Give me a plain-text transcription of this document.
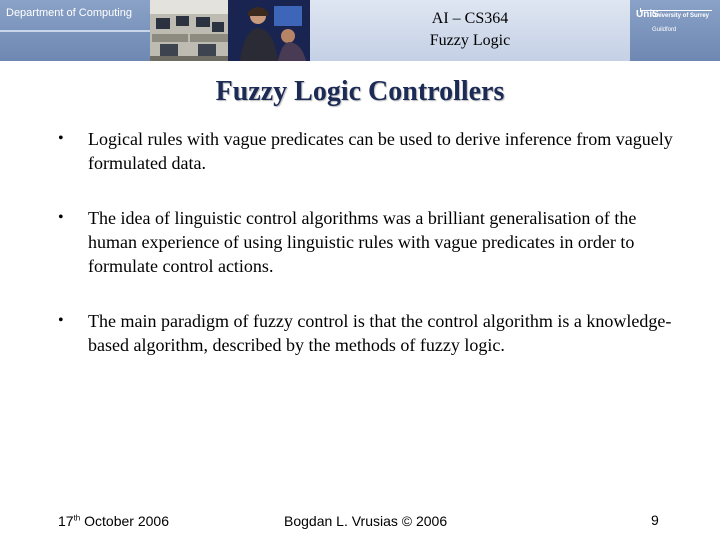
Department of Computing	AI – CS364
Fuzzy Logic
UniS
University of Surrey
Guildford
Fuzzy Logic Controllers
• Logical rules with vague predicates can be used to derive inference from vaguely formulated data.
• The idea of linguistic control algorithms was a brilliant generalisation of the human experience of using linguistic rules with vague predicates in order to formulate control actions.
• The main paradigm of fuzzy control is that the control algorithm is a knowledge-based algorithm, described by the methods of fuzzy logic.
17th October 2006	Bogdan L. Vrusias © 2006	9
